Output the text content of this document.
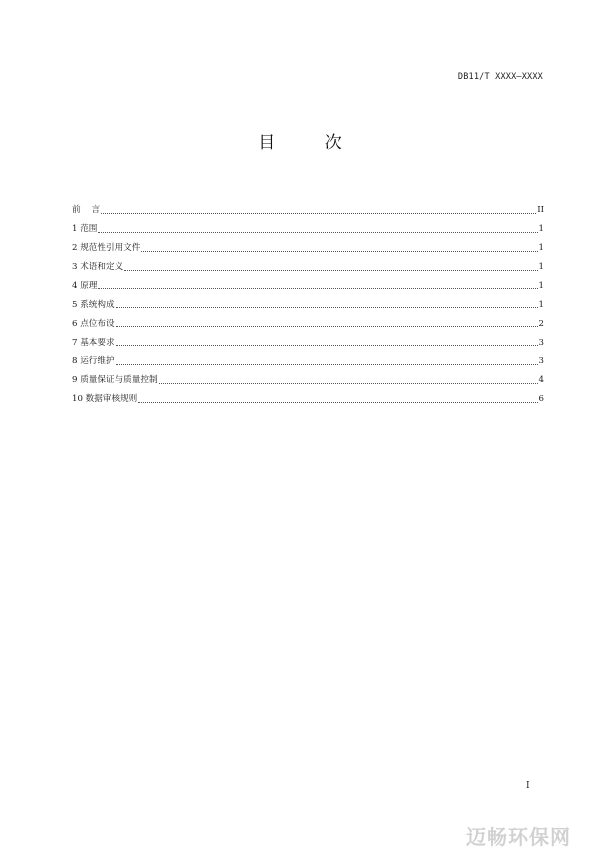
DB11/T XXXX—XXXX
目 次
前    言	II
1 范围	1
2 规范性引用文件	1
3 术语和定义	1
4 原理	1
5 系统构成	1
6 点位布设	2
7 基本要求	3
8 运行维护	3
9 质量保证与质量控制	4
10 数据审核规则	6
I
迈畅环保网
